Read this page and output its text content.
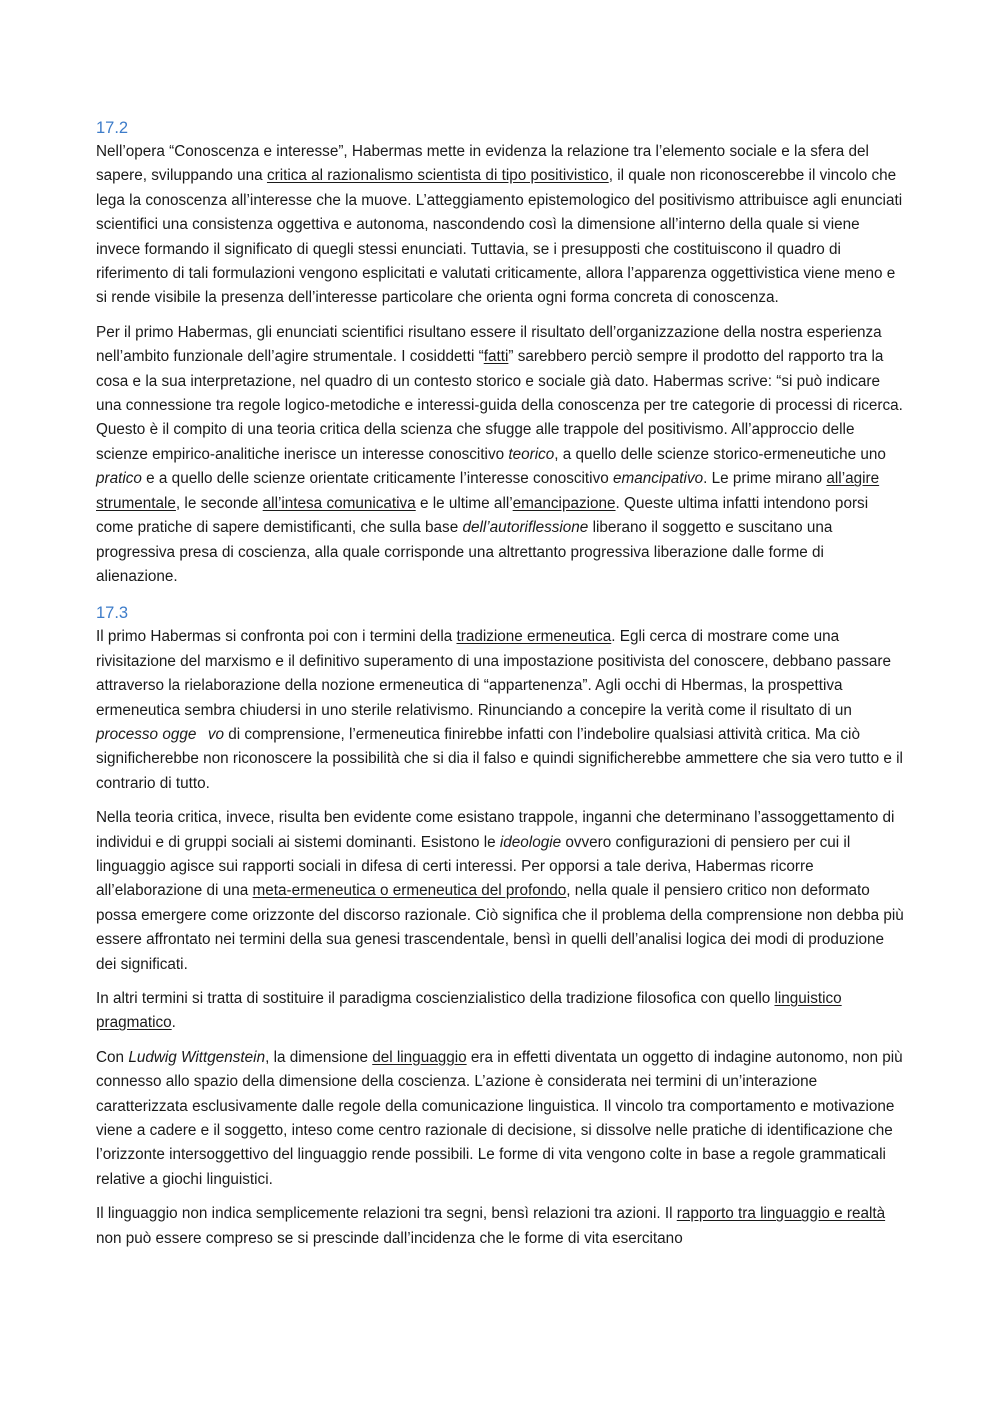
17.2

Nell’opera “Conoscenza e interesse”, Habermas mette in evidenza la relazione tra l’elemento sociale e la sfera del sapere, sviluppando una critica al razionalismo scientista di tipo positivistico, il quale non riconoscerebbe il vincolo che lega la conoscenza all’interesse che la muove. L’atteggiamento epistemologico del positivismo attribuisce agli enunciati scientifici una consistenza oggettiva e autonoma, nascondendo così la dimensione all’interno della quale si viene invece formando il significato di quegli stessi enunciati. Tuttavia, se i presupposti che costituiscono il quadro di riferimento di tali formulazioni vengono esplicitati e valutati criticamente, allora l’apparenza oggettivistica viene meno e si rende visibile la presenza dell’interesse particolare che orienta ogni forma concreta di conoscenza.

Per il primo Habermas, gli enunciati scientifici risultano essere il risultato dell’organizzazione della nostra esperienza nell’ambito funzionale dell’agire strumentale. I cosiddetti “fatti” sarebbero perciò sempre il prodotto del rapporto tra la cosa e la sua interpretazione, nel quadro di un contesto storico e sociale già dato. Habermas scrive: “si può indicare una connessione tra regole logico-metodiche e interessi-guida della conoscenza per tre categorie di processi di ricerca. Questo è il compito di una teoria critica della scienza che sfugge alle trappole del positivismo. All’approccio delle scienze empirico-analitiche inerisce un interesse conoscitivo teorico, a quello delle scienze storico-ermeneutiche uno pratico e a quello delle scienze orientate criticamente l’interesse conoscitivo emancipativo. Le prime mirano all’agire strumentale, le seconde all’intesa comunicativa e le ultime all’emancipazione. Queste ultima infatti intendono porsi come pratiche di sapere demistificanti, che sulla base dell’autoriflessione liberano il soggetto e suscitano una progressiva presa di coscienza, alla quale corrisponde una altrettanto progressiva liberazione dalle forme di alienazione.

17.3

Il primo Habermas si confronta poi con i termini della tradizione ermeneutica. Egli cerca di mostrare come una rivisitazione del marxismo e il definitivo superamento di una impostazione positivista del conoscere, debbano passare attraverso la rielaborazione della nozione ermeneutica di “appartenenza”. Agli occhi di Hbermas, la prospettiva ermeneutica sembra chiudersi in uno sterile relativismo. Rinunciando a concepire la verità come il risultato di un processo ogge vo di comprensione, l’ermeneutica finirebbe infatti con l’indebolire qualsiasi attività critica. Ma ciò significherebbe non riconoscere la possibilità che si dia il falso e quindi significherebbe ammettere che sia vero tutto e il contrario di tutto.

Nella teoria critica, invece, risulta ben evidente come esistano trappole, inganni che determinano l’assoggettamento di individui e di gruppi sociali ai sistemi dominanti. Esistono le ideologie ovvero configurazioni di pensiero per cui il linguaggio agisce sui rapporti sociali in difesa di certi interessi. Per opporsi a tale deriva, Habermas ricorre all’elaborazione di una meta-ermeneutica o ermeneutica del profondo, nella quale il pensiero critico non deformato possa emergere come orizzonte del discorso razionale. Ciò significa che il problema della comprensione non debba più essere affrontato nei termini della sua genesi trascendentale, bensì in quelli dell’analisi logica dei modi di produzione dei significati.

In altri termini si tratta di sostituire il paradigma coscienzialistico della tradizione filosofica con quello linguistico pragmatico.

Con Ludwig Wittgenstein, la dimensione del linguaggio era in effetti diventata un oggetto di indagine autonomo, non più connesso allo spazio della dimensione della coscienza. L’azione è considerata nei termini di un’interazione caratterizzata esclusivamente dalle regole della comunicazione linguistica. Il vincolo tra comportamento e motivazione viene a cadere e il soggetto, inteso come centro razionale di decisione, si dissolve nelle pratiche di identificazione che l’orizzonte intersoggettivo del linguaggio rende possibili. Le forme di vita vengono colte in base a regole grammaticali relative a giochi linguistici.

Il linguaggio non indica semplicemente relazioni tra segni, bensì relazioni tra azioni. Il rapporto tra linguaggio e realtà non può essere compreso se si prescinde dall’incidenza che le forme di vita esercitano
